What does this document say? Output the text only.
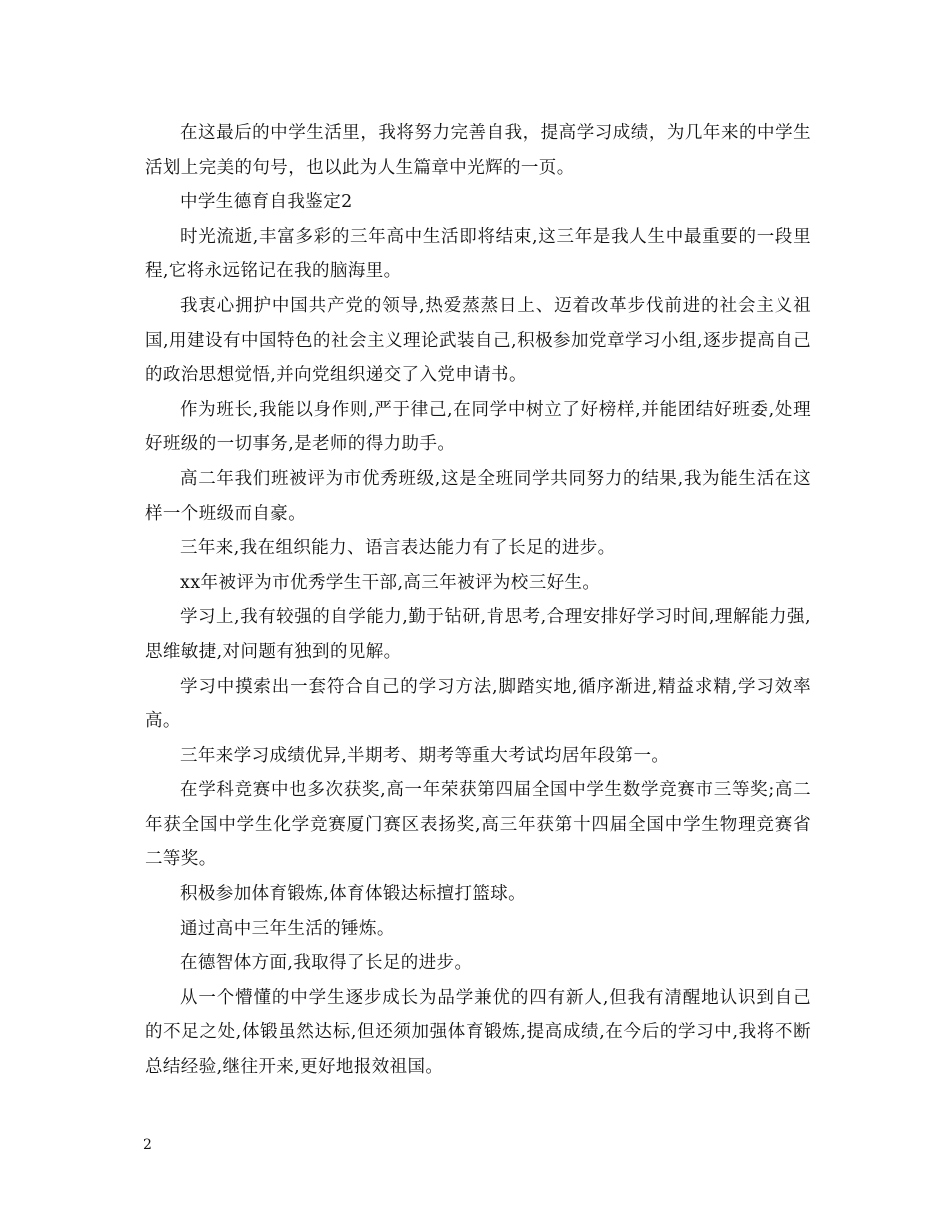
在这最后的中学生活里，我将努力完善自我，提高学习成绩，为几年来的中学生活划上完美的句号，也以此为人生篇章中光辉的一页。

中学生德育自我鉴定2

时光流逝,丰富多彩的三年高中生活即将结束,这三年是我人生中最重要的一段里程,它将永远铭记在我的脑海里。

我衷心拥护中国共产党的领导,热爱蒸蒸日上、迈着改革步伐前进的社会主义祖国,用建设有中国特色的社会主义理论武装自己,积极参加党章学习小组,逐步提高自己的政治思想觉悟,并向党组织递交了入党申请书。

作为班长,我能以身作则,严于律己,在同学中树立了好榜样,并能团结好班委,处理好班级的一切事务,是老师的得力助手。

高二年我们班被评为市优秀班级,这是全班同学共同努力的结果,我为能生活在这样一个班级而自豪。

三年来,我在组织能力、语言表达能力有了长足的进步。

xx年被评为市优秀学生干部,高三年被评为校三好生。

学习上,我有较强的自学能力,勤于钻研,肯思考,合理安排好学习时间,理解能力强,思维敏捷,对问题有独到的见解。

学习中摸索出一套符合自己的学习方法,脚踏实地,循序渐进,精益求精,学习效率高。

三年来学习成绩优异,半期考、期考等重大考试均居年段第一。

在学科竞赛中也多次获奖,高一年荣获第四届全国中学生数学竞赛市三等奖;高二年获全国中学生化学竞赛厦门赛区表扬奖,高三年获第十四届全国中学生物理竞赛省二等奖。

积极参加体育锻炼,体育体锻达标擅打篮球。

通过高中三年生活的锤炼。

在德智体方面,我取得了长足的进步。

从一个懵懂的中学生逐步成长为品学兼优的四有新人,但我有清醒地认识到自己的不足之处,体锻虽然达标,但还须加强体育锻炼,提高成绩,在今后的学习中,我将不断总结经验,继往开来,更好地报效祖国。

2
